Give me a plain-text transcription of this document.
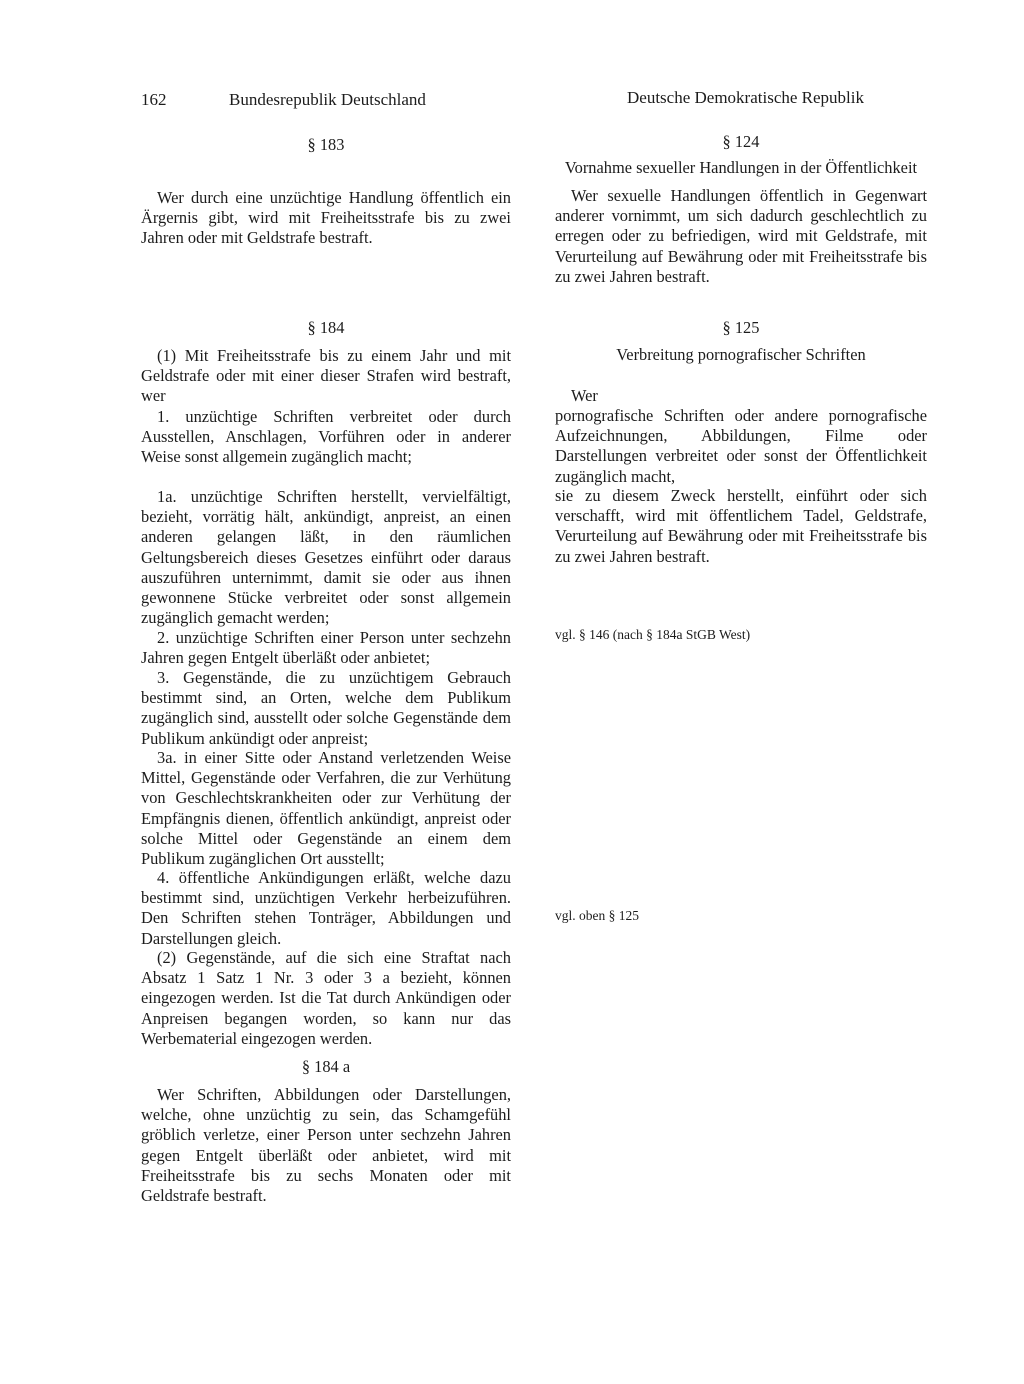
162	Bundesrepublik Deutschland	Deutsche Demokratische Republik

§ 183

Wer durch eine unzüchtige Handlung öffentlich ein Ärgernis gibt, wird mit Freiheitsstrafe bis zu zwei Jahren oder mit Geldstrafe bestraft.

§ 184

(1) Mit Freiheitsstrafe bis zu einem Jahr und mit Geldstrafe oder mit einer dieser Strafen wird bestraft, wer
1. unzüchtige Schriften verbreitet oder durch Ausstellen, Anschlagen, Vorführen oder in anderer Weise sonst allgemein zugänglich macht;
1a. unzüchtige Schriften herstellt, vervielfältigt, bezieht, vorrätig hält, ankündigt, anpreist, an einen anderen gelangen läßt, in den räumlichen Geltungsbereich dieses Gesetzes einführt oder daraus auszuführen unternimmt, damit sie oder aus ihnen gewonnene Stücke verbreitet oder sonst allgemein zugänglich gemacht werden;
2. unzüchtige Schriften einer Person unter sechzehn Jahren gegen Entgelt überläßt oder anbietet;
3. Gegenstände, die zu unzüchtigem Gebrauch bestimmt sind, an Orten, welche dem Publikum zugänglich sind, ausstellt oder solche Gegenstände dem Publikum ankündigt oder anpreist;
3a. in einer Sitte oder Anstand verletzenden Weise Mittel, Gegenstände oder Verfahren, die zur Verhütung von Geschlechtskrankheiten oder zur Verhütung der Empfängnis dienen, öffentlich ankündigt, anpreist oder solche Mittel oder Gegenstände an einem dem Publikum zugänglichen Ort ausstellt;
4. öffentliche Ankündigungen erläßt, welche dazu bestimmt sind, unzüchtigen Verkehr herbeizuführen. Den Schriften stehen Tonträger, Abbildungen und Darstellungen gleich.
(2) Gegenstände, auf die sich eine Straftat nach Absatz 1 Satz 1 Nr. 3 oder 3 a bezieht, können eingezogen werden. Ist die Tat durch Ankündigen oder Anpreisen begangen worden, so kann nur das Werbematerial eingezogen werden.

§ 184 a

Wer Schriften, Abbildungen oder Darstellungen, welche, ohne unzüchtig zu sein, das Schamgefühl gröblich verletze, einer Person unter sechzehn Jahren gegen Entgelt überläßt oder anbietet, wird mit Freiheitsstrafe bis zu sechs Monaten oder mit Geldstrafe bestraft.

§ 124

Vornahme sexueller Handlungen in der Öffentlichkeit

Wer sexuelle Handlungen öffentlich in Gegenwart anderer vornimmt, um sich dadurch geschlechtlich zu erregen oder zu befriedigen, wird mit Geldstrafe, mit Verurteilung auf Bewährung oder mit Freiheitsstrafe bis zu zwei Jahren bestraft.

§ 125

Verbreitung pornografischer Schriften

Wer
pornografische Schriften oder andere pornografische Aufzeichnungen, Abbildungen, Filme oder Darstellungen verbreitet oder sonst der Öffentlichkeit zugänglich macht,
sie zu diesem Zweck herstellt, einführt oder sich verschafft, wird mit öffentlichem Tadel, Geldstrafe, Verurteilung auf Bewährung oder mit Freiheitsstrafe bis zu zwei Jahren bestraft.
vgl. § 146 (nach § 184a StGB West)
vgl. oben § 125
